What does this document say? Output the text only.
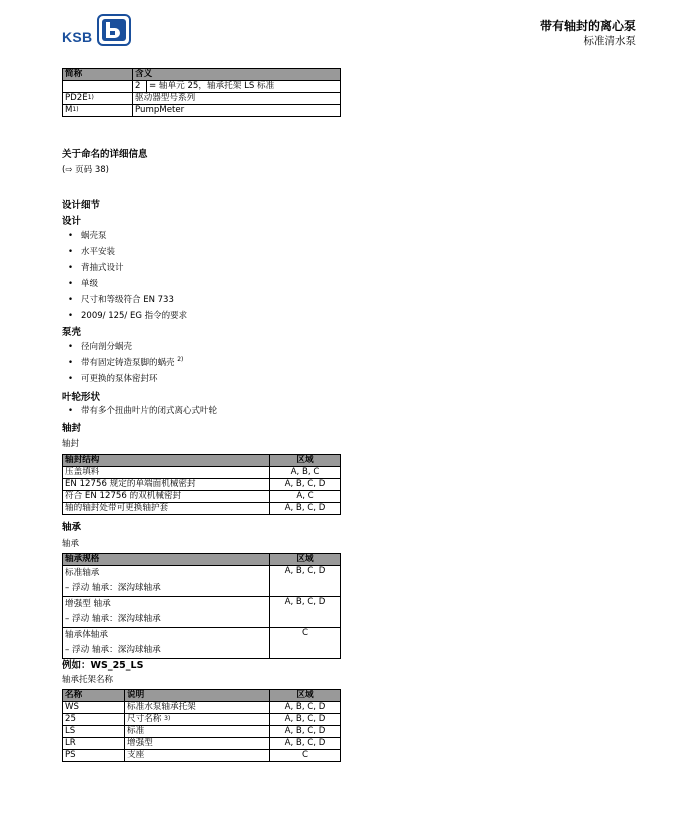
KSB
带有轴封的离心泵
标准清水泵
简称	含义	
	2	= 轴单元 25，轴承托架 LS 标准
$PD2E^{1)}$	驱动器型号系列	
$M^{1)}$	PumpMeter	
关于命名的详细信息
(⇨ 页码 38)
设计细节
设计
• 蜗壳泵
• 水平安装
• 背抽式设计
• 单级
• 尺寸和等级符合 EN 733
• 2009/ 125/ EG 指令的要求
泵壳
• 径向剖分蜗壳
• 带有固定铸造泵脚的蜗壳 $^{2)}$
• 可更换的泵体密封环
叶轮形状
• 带有多个扭曲叶片的闭式离心式叶轮
轴封
轴封
轴封结构	区域
压盖填料	A, B, C
EN 12756 规定的单端面机械密封	A, B, C, D
符合 EN 12756 的双机械密封	A, C
轴的轴封处带可更换轴护套	A, B, C, D
轴承
轴承
轴承规格	区域

标准轴承
– 浮动 轴承：深沟球轴承	A, B, C, D

增强型 轴承
– 浮动 轴承：深沟球轴承	A, B, C, D

轴承体轴承
– 浮动 轴承：深沟球轴承	C
例如：WS_25_LS
轴承托架名称
名称	说明	区域
WS	标准水泵轴承托架	A, B, C, D
25	尺寸名称 $^{3)}$	A, B, C, D
LS	标准	A, B, C, D
LR	增强型	A, B, C, D
PS	支座	C
